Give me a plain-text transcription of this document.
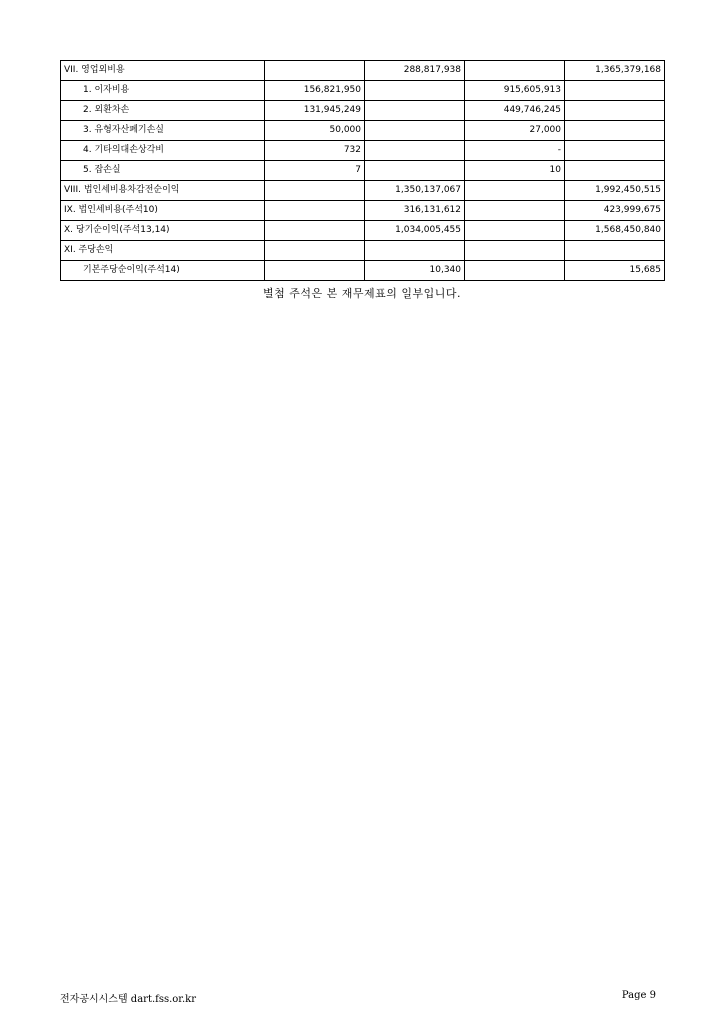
VII. 영업외비용		288,817,938		1,365,379,168
1. 이자비용	156,821,950		915,605,913	
2. 외환차손	131,945,249		449,746,245	
3. 유형자산폐기손실	50,000		27,000	
4. 기타의대손상각비	732		-	
5. 잡손실	7		10	
VIII. 법인세비용차감전순이익		1,350,137,067		1,992,450,515
IX. 법인세비용(주석10)		316,131,612		423,999,675
X. 당기순이익(주석13,14)		1,034,005,455		1,568,450,840
XI. 주당손익				
기본주당순이익(주석14)		10,340		15,685
별첨 주석은 본 재무제표의 일부입니다.
전자공시시스템 dart.fss.or.kr	Page 9
